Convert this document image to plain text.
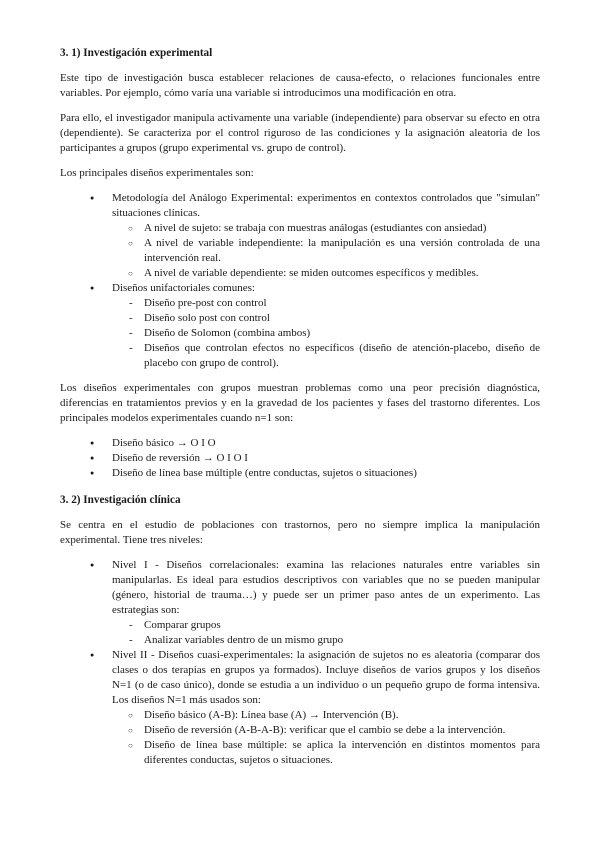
3. 1) Investigación experimental

Este tipo de investigación busca establecer relaciones de causa-efecto, o relaciones funcionales entre variables. Por ejemplo, cómo varía una variable si introducimos una modificación en otra.

Para ello, el investigador manipula activamente una variable (independiente) para observar su efecto en otra (dependiente). Se caracteriza por el control riguroso de las condiciones y la asignación aleatoria de los participantes a grupos (grupo experimental vs. grupo de control).

Los principales diseños experimentales son:

● Metodología del Análogo Experimental: experimentos en contextos controlados que "simulan" situaciones clínicas.
○ A nivel de sujeto: se trabaja con muestras análogas (estudiantes con ansiedad)
○ A nivel de variable independiente: la manipulación es una versión controlada de una intervención real.
○ A nivel de variable dependiente: se miden outcomes específicos y medibles.
● Diseños unifactoriales comunes:
- Diseño pre-post con control
- Diseño solo post con control
- Diseño de Solomon (combina ambos)
- Diseños que controlan efectos no específicos (diseño de atención-placebo, diseño de placebo con grupo de control).

Los diseños experimentales con grupos muestran problemas como una peor precisión diagnóstica, diferencias en tratamientos previos y en la gravedad de los pacientes y fases del trastorno diferentes. Los principales modelos experimentales cuando n=1 son:

● Diseño básico → O I O
● Diseño de reversión → O I O I
● Diseño de línea base múltiple (entre conductas, sujetos o situaciones)
3. 2) Investigación clínica

Se centra en el estudio de poblaciones con trastornos, pero no siempre implica la manipulación experimental. Tiene tres niveles:

● Nivel I - Diseños correlacionales: examina las relaciones naturales entre variables sin manipularlas. Es ideal para estudios descriptivos con variables que no se pueden manipular (género, historial de trauma…) y puede ser un primer paso antes de un experimento. Las estrategias son:
- Comparar grupos
- Analizar variables dentro de un mismo grupo
● Nivel II - Diseños cuasi-experimentales: la asignación de sujetos no es aleatoria (comparar dos clases o dos terapias en grupos ya formados). Incluye diseños de varios grupos y los diseños N=1 (o de caso único), donde se estudia a un individuo o un pequeño grupo de forma intensiva. Los diseños N=1 más usados son:
○ Diseño básico (A-B): Línea base (A) → Intervención (B).
○ Diseño de reversión (A-B-A-B): verificar que el cambio se debe a la intervención.
○ Diseño de línea base múltiple: se aplica la intervención en distintos momentos para diferentes conductas, sujetos o situaciones.
